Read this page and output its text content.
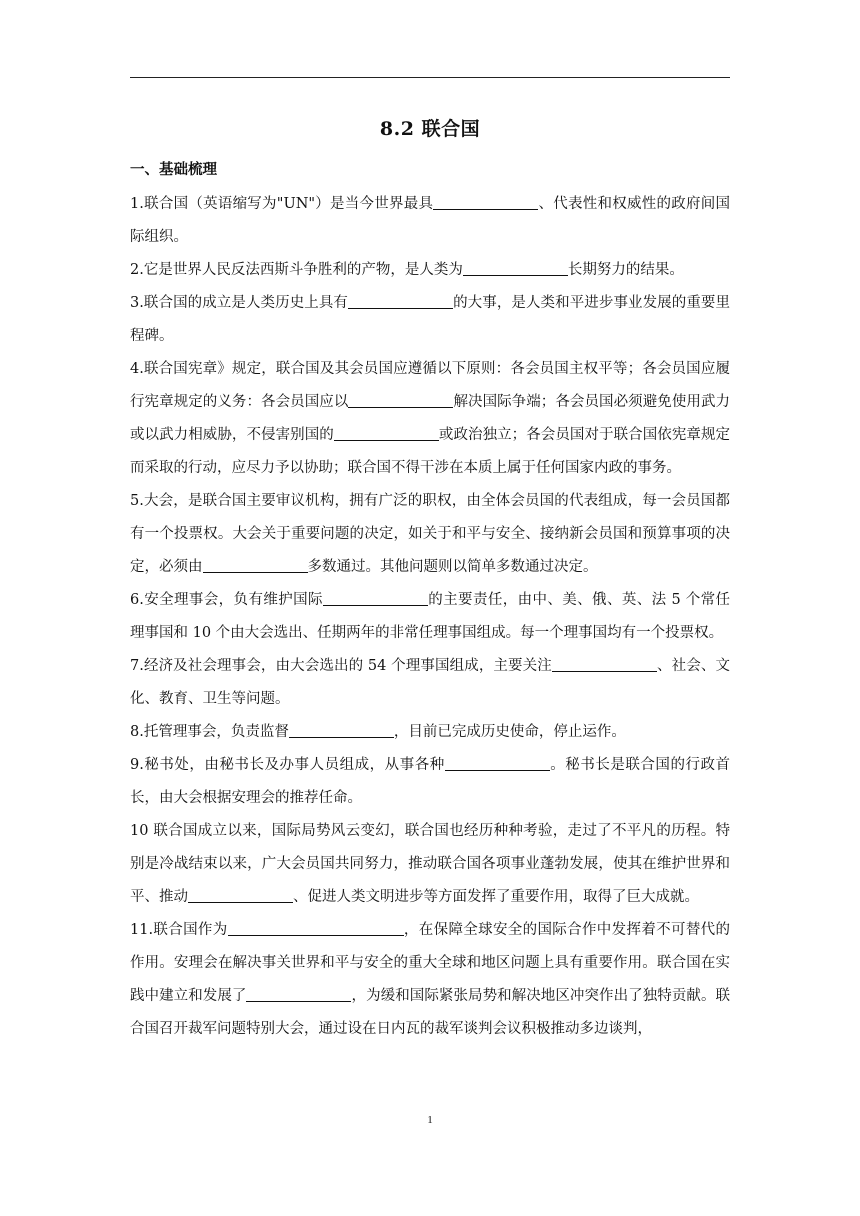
8.2 联合国
一、基础梳理

1.联合国（英语缩写为"UN"）是当今世界最具	、代表性和权威性的政府间国际组织。

2.它是世界人民反法西斯斗争胜利的产物，是人类为	长期努力的结果。

3.联合国的成立是人类历史上具有	的大事，是人类和平进步事业发展的重要里程碑。

4.联合国宪章》规定，联合国及其会员国应遵循以下原则：各会员国主权平等；各会员国应履行宪章规定的义务：各会员国应以	解决国际争端；各会员国必须避免使用武力或以武力相威胁，不侵害别国的	或政治独立；各会员国对于联合国依宪章规定而采取的行动，应尽力予以协助；联合国不得干涉在本质上属于任何国家内政的事务。

5.大会，是联合国主要审议机构，拥有广泛的职权，由全体会员国的代表组成，每一会员国都有一个投票权。大会关于重要问题的决定，如关于和平与安全、接纳新会员国和预算事项的决定，必须由	多数通过。其他问题则以简单多数通过决定。

6.安全理事会，负有维护国际	的主要责任，由中、美、俄、英、法 5 个常任理事国和 10 个由大会选出、任期两年的非常任理事国组成。每一个理事国均有一个投票权。

7.经济及社会理事会，由大会选出的 54 个理事国组成，主要关注	、社会、文化、教育、卫生等问题。

8.托管理事会，负责监督	，目前已完成历史使命，停止运作。

9.秘书处，由秘书长及办事人员组成，从事各种	。秘书长是联合国的行政首长，由大会根据安理会的推荐任命。

10 联合国成立以来，国际局势风云变幻，联合国也经历种种考验，走过了不平凡的历程。特别是冷战结束以来，广大会员国共同努力，推动联合国各项事业蓬勃发展，使其在维护世界和平、推动	、促进人类文明进步等方面发挥了重要作用，取得了巨大成就。

11.联合国作为	，在保障全球安全的国际合作中发挥着不可替代的作用。安理会在解决事关世界和平与安全的重大全球和地区问题上具有重要作用。联合国在实践中建立和发展了	，为缓和国际紧张局势和解决地区冲突作出了独特贡献。联合国召开裁军问题特别大会，通过设在日内瓦的裁军谈判会议积极推动多边谈判，

1
